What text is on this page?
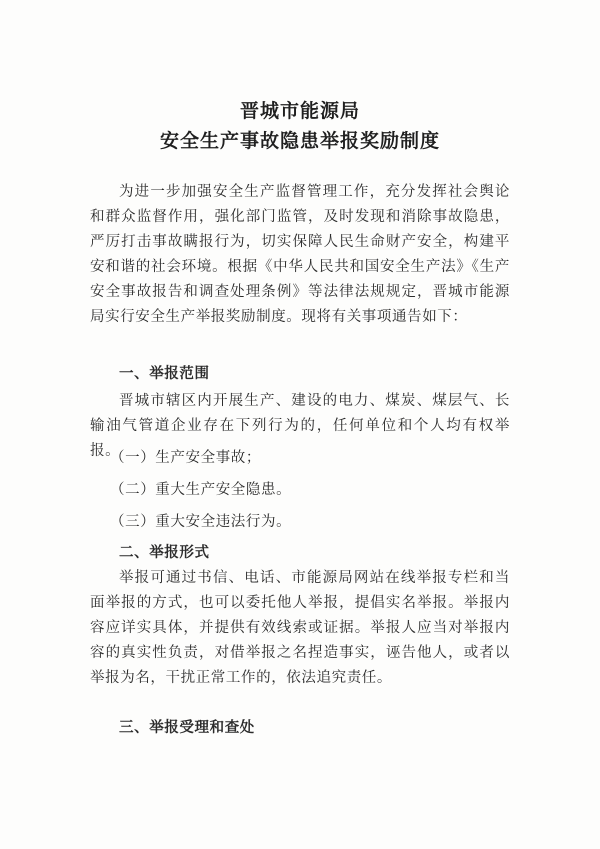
晋城市能源局
安全生产事故隐患举报奖励制度
为进一步加强安全生产监督管理工作，充分发挥社会舆论和群众监督作用，强化部门监管，及时发现和消除事故隐患，严厉打击事故瞒报行为，切实保障人民生命财产安全，构建平安和谐的社会环境。根据《中华人民共和国安全生产法》《生产安全事故报告和调查处理条例》等法律法规规定，晋城市能源局实行安全生产举报奖励制度。现将有关事项通告如下：
一、举报范围
晋城市辖区内开展生产、建设的电力、煤炭、煤层气、长输油气管道企业存在下列行为的，任何单位和个人均有权举报。
（一）生产安全事故；
（二）重大生产安全隐患。
（三）重大安全违法行为。
二、举报形式
举报可通过书信、电话、市能源局网站在线举报专栏和当面举报的方式，也可以委托他人举报，提倡实名举报。举报内容应详实具体，并提供有效线索或证据。举报人应当对举报内容的真实性负责，对借举报之名捏造事实，诬告他人，或者以举报为名，干扰正常工作的，依法追究责任。
三、举报受理和查处
